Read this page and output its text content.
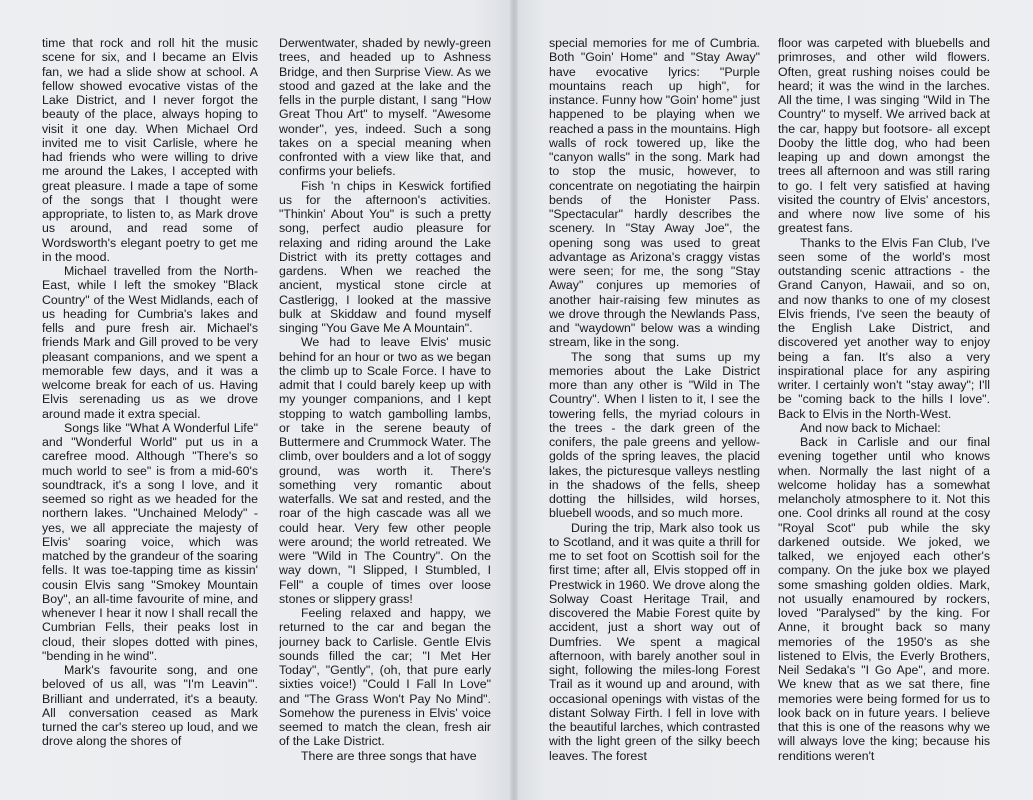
time that rock and roll hit the music scene for six, and I became an Elvis fan, we had a slide show at school. A fellow showed evocative vistas of the Lake District, and I never forgot the beauty of the place, always hoping to visit it one day. When Michael Ord invited me to visit Carlisle, where he had friends who were willing to drive me around the Lakes, I accepted with great pleasure. I made a tape of some of the songs that I thought were appropriate, to listen to, as Mark drove us around, and read some of Wordsworth's elegant poetry to get me in the mood.

Michael travelled from the North-East, while I left the smokey "Black Country" of the West Midlands, each of us heading for Cumbria's lakes and fells and pure fresh air. Michael's friends Mark and Gill proved to be very pleasant companions, and we spent a memorable few days, and it was a welcome break for each of us. Having Elvis serenading us as we drove around made it extra special.

Songs like "What A Wonderful Life" and "Wonderful World" put us in a carefree mood. Although "There's so much world to see" is from a mid-60's soundtrack, it's a song I love, and it seemed so right as we headed for the northern lakes. "Unchained Melody" - yes, we all appreciate the majesty of Elvis' soaring voice, which was matched by the grandeur of the soaring fells. It was toe-tapping time as kissin' cousin Elvis sang "Smokey Mountain Boy", an all-time favourite of mine, and whenever I hear it now I shall recall the Cumbrian Fells, their peaks lost in cloud, their slopes dotted with pines, "bending in he wind".

Mark's favourite song, and one beloved of us all, was "I'm Leavin'". Brilliant and underrated, it's a beauty. All conversation ceased as Mark turned the car's stereo up loud, and we drove along the shores of

Derwentwater, shaded by newly-green trees, and headed up to Ashness Bridge, and then Surprise View. As we stood and gazed at the lake and the fells in the purple distant, I sang "How Great Thou Art" to myself. "Awesome wonder", yes, indeed. Such a song takes on a special meaning when confronted with a view like that, and confirms your beliefs.

Fish 'n chips in Keswick fortified us for the afternoon's activities. "Thinkin' About You" is such a pretty song, perfect audio pleasure for relaxing and riding around the Lake District with its pretty cottages and gardens. When we reached the ancient, mystical stone circle at Castlerigg, I looked at the massive bulk at Skiddaw and found myself singing "You Gave Me A Mountain".

We had to leave Elvis' music behind for an hour or two as we began the climb up to Scale Force. I have to admit that I could barely keep up with my younger companions, and I kept stopping to watch gambolling lambs, or take in the serene beauty of Buttermere and Crummock Water. The climb, over boulders and a lot of soggy ground, was worth it. There's something very romantic about waterfalls. We sat and rested, and the roar of the high cascade was all we could hear. Very few other people were around; the world retreated. We were "Wild in The Country". On the way down, "I Slipped, I Stumbled, I Fell" a couple of times over loose stones or slippery grass!

Feeling relaxed and happy, we returned to the car and began the journey back to Carlisle. Gentle Elvis sounds filled the car; "I Met Her Today", "Gently", (oh, that pure early sixties voice!) "Could I Fall In Love" and "The Grass Won't Pay No Mind". Somehow the pureness in Elvis' voice seemed to match the clean, fresh air of the Lake District.

There are three songs that have

special memories for me of Cumbria. Both "Goin' Home" and "Stay Away" have evocative lyrics: "Purple mountains reach up high", for instance. Funny how "Goin' home" just happened to be playing when we reached a pass in the mountains. High walls of rock towered up, like the "canyon walls" in the song. Mark had to stop the music, however, to concentrate on negotiating the hairpin bends of the Honister Pass. "Spectacular" hardly describes the scenery. In "Stay Away Joe", the opening song was used to great advantage as Arizona's craggy vistas were seen; for me, the song "Stay Away" conjures up memories of another hair-raising few minutes as we drove through the Newlands Pass, and "waydown" below was a winding stream, like in the song.

The song that sums up my memories about the Lake District more than any other is "Wild in The Country". When I listen to it, I see the towering fells, the myriad colours in the trees - the dark green of the conifers, the pale greens and yellow-golds of the spring leaves, the placid lakes, the picturesque valleys nestling in the shadows of the fells, sheep dotting the hillsides, wild horses, bluebell woods, and so much more.

During the trip, Mark also took us to Scotland, and it was quite a thrill for me to set foot on Scottish soil for the first time; after all, Elvis stopped off in Prestwick in 1960. We drove along the Solway Coast Heritage Trail, and discovered the Mabie Forest quite by accident, just a short way out of Dumfries. We spent a magical afternoon, with barely another soul in sight, following the miles-long Forest Trail as it wound up and around, with occasional openings with vistas of the distant Solway Firth. I fell in love with the beautiful larches, which contrasted with the light green of the silky beech leaves. The forest

floor was carpeted with bluebells and primroses, and other wild flowers. Often, great rushing noises could be heard; it was the wind in the larches. All the time, I was singing "Wild in The Country" to myself. We arrived back at the car, happy but footsore- all except Dooby the little dog, who had been leaping up and down amongst the trees all afternoon and was still raring to go. I felt very satisfied at having visited the country of Elvis' ancestors, and where now live some of his greatest fans.

Thanks to the Elvis Fan Club, I've seen some of the world's most outstanding scenic attractions - the Grand Canyon, Hawaii, and so on, and now thanks to one of my closest Elvis friends, I've seen the beauty of the English Lake District, and discovered yet another way to enjoy being a fan. It's also a very inspirational place for any aspiring writer. I certainly won't "stay away"; I'll be "coming back to the hills I love". Back to Elvis in the North-West.

And now back to Michael:

Back in Carlisle and our final evening together until who knows when. Normally the last night of a welcome holiday has a somewhat melancholy atmosphere to it. Not this one. Cool drinks all round at the cosy "Royal Scot" pub while the sky darkened outside. We joked, we talked, we enjoyed each other's company. On the juke box we played some smashing golden oldies. Mark, not usually enamoured by rockers, loved "Paralysed" by the king. For Anne, it brought back so many memories of the 1950's as she listened to Elvis, the Everly Brothers, Neil Sedaka's "I Go Ape", and more. We knew that as we sat there, fine memories were being formed for us to look back on in future years. I believe that this is one of the reasons why we will always love the king; because his renditions weren't
